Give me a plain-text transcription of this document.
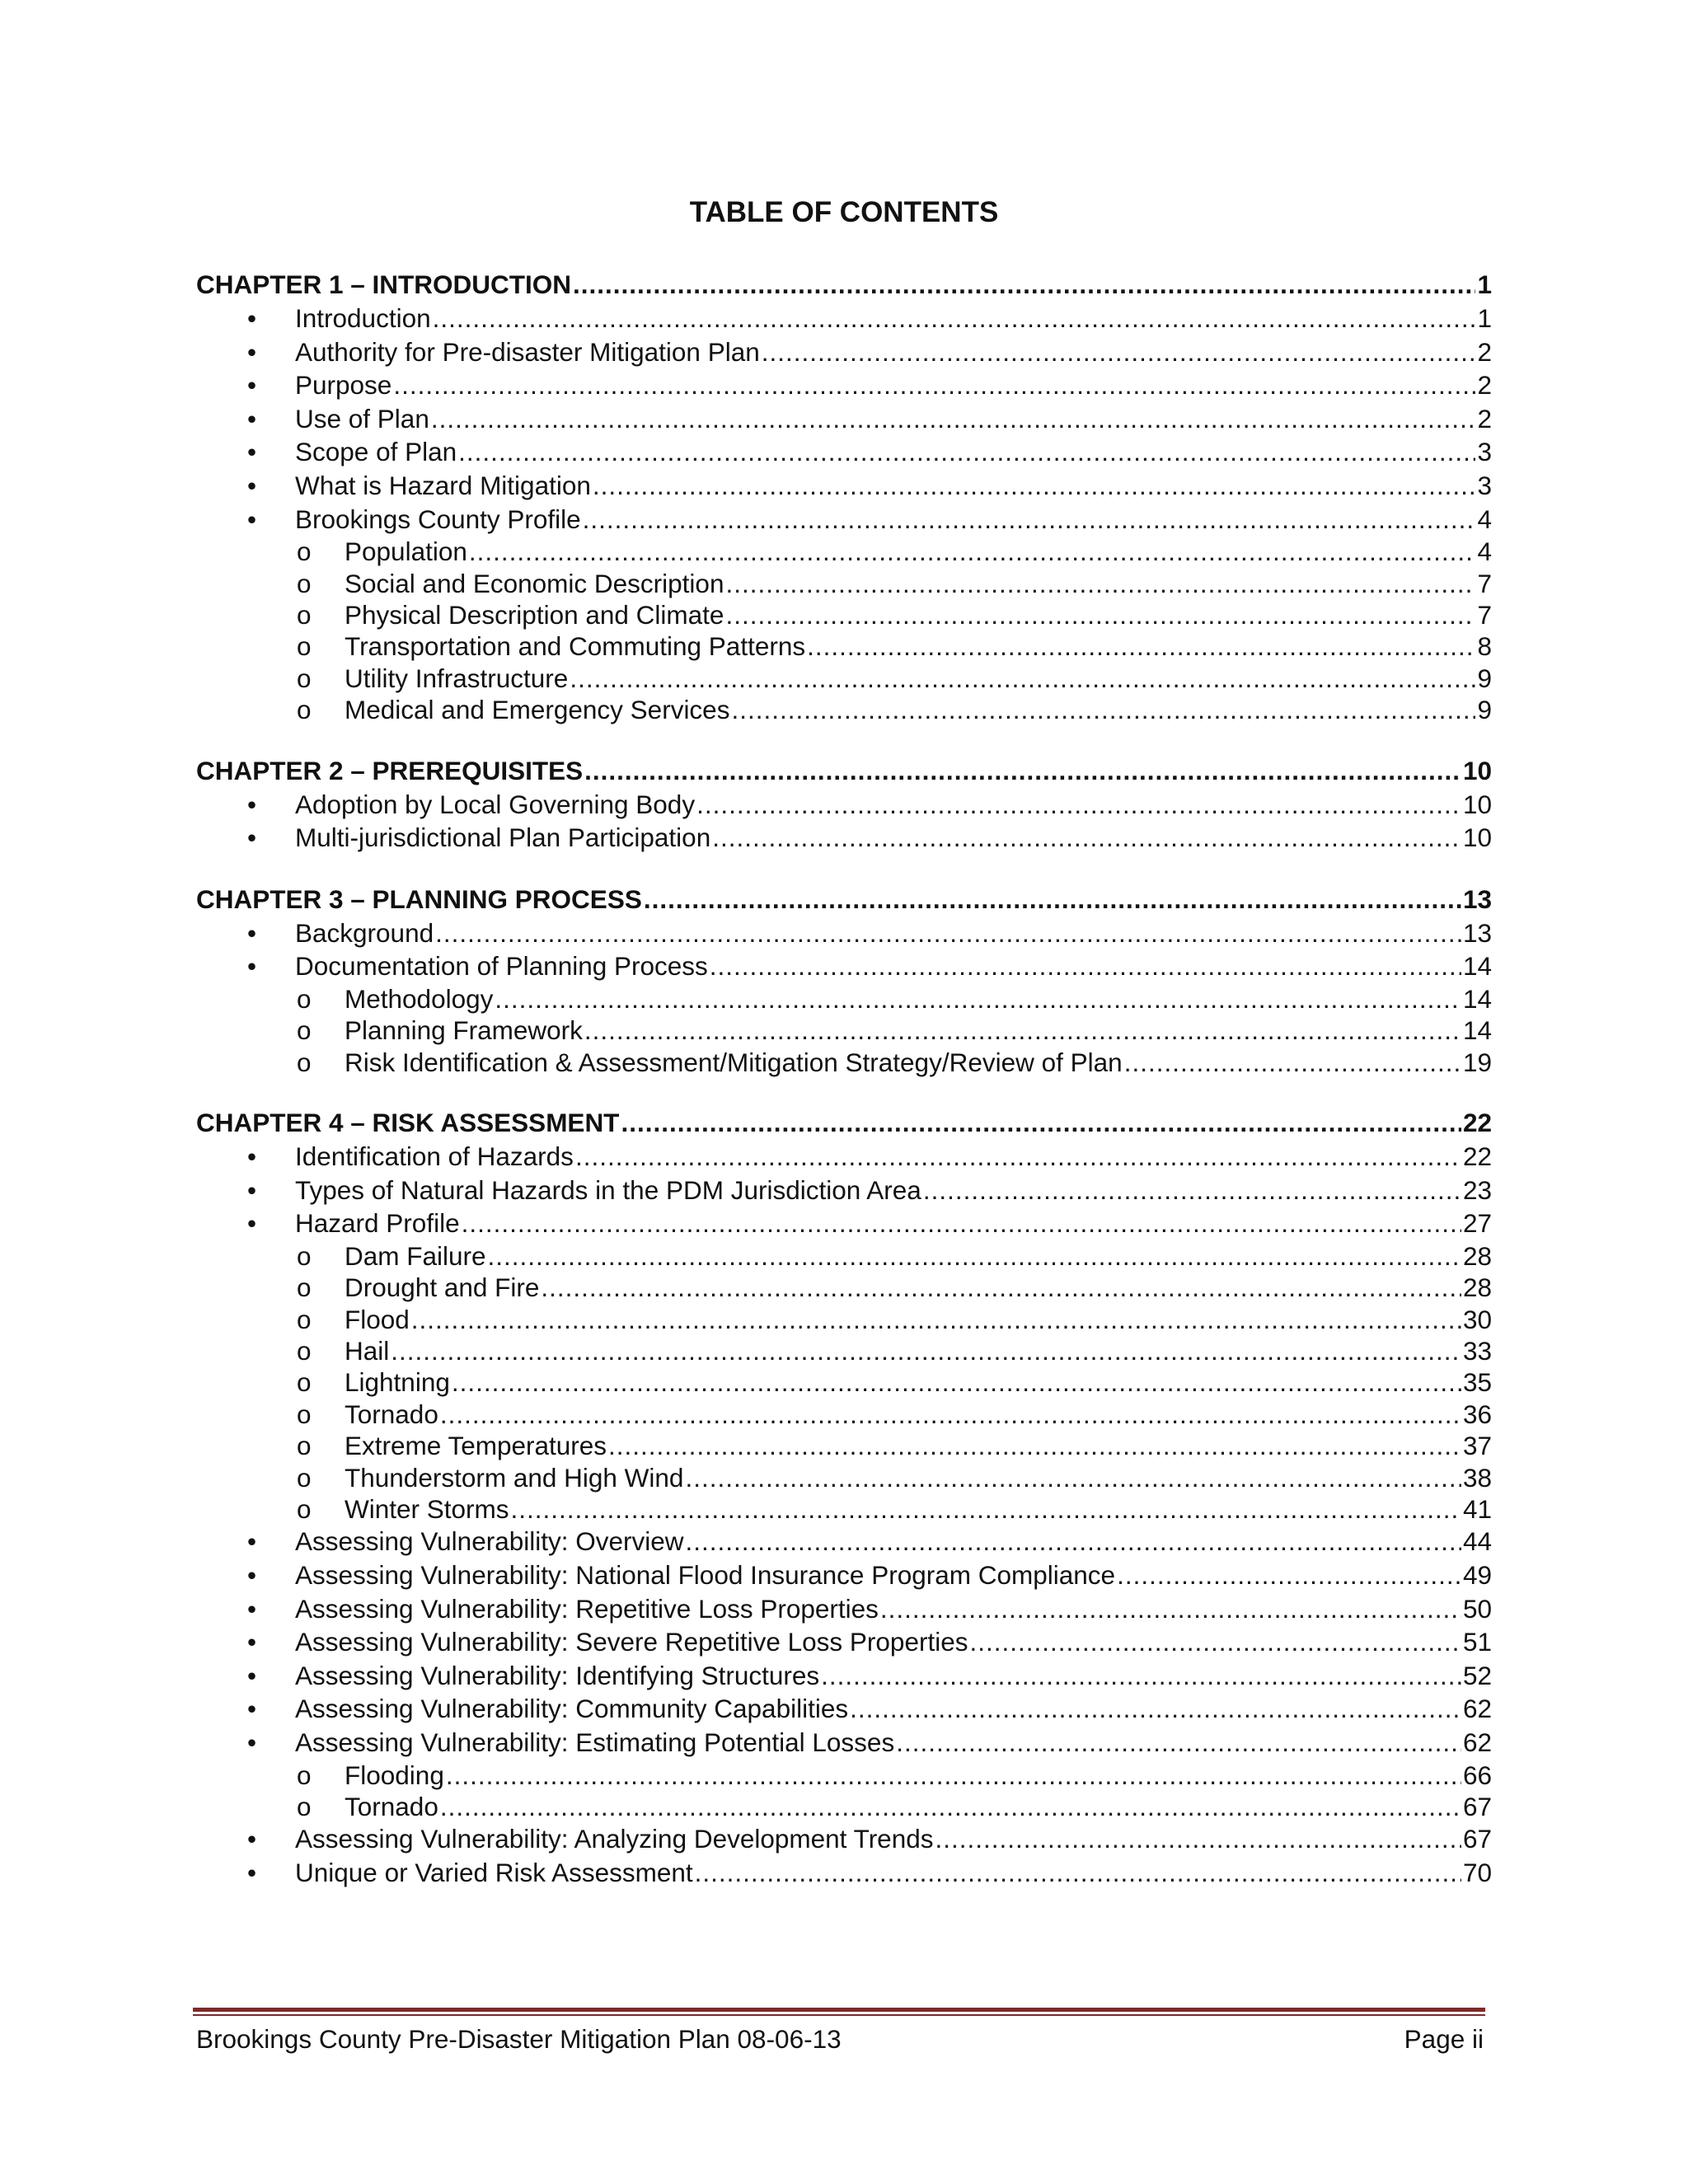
TABLE OF CONTENTS
CHAPTER 1 – INTRODUCTION .....	1
•	Introduction .....	1
•	Authority for Pre-disaster Mitigation Plan .....	2
•	Purpose .....	2
•	Use of Plan .....	2
•	Scope of Plan .....	3
•	What is Hazard Mitigation .....	3
•	Brookings County Profile .....	4
o	Population .....	4
o	Social and Economic Description .....	7
o	Physical Description and Climate .....	7
o	Transportation and Commuting Patterns .....	8
o	Utility Infrastructure .....	9
o	Medical and Emergency Services .....	9
CHAPTER 2 – PREREQUISITES .....	10
•	Adoption by Local Governing Body .....	10
•	Multi-jurisdictional Plan Participation .....	10
CHAPTER 3 – PLANNING PROCESS .....	13
•	Background .....	13
•	Documentation of Planning Process .....	14
o	Methodology .....	14
o	Planning Framework .....	14
o	Risk Identification & Assessment/Mitigation Strategy/Review of Plan .....	19
CHAPTER 4 – RISK ASSESSMENT .....	22
•	Identification of Hazards .....	22
•	Types of Natural Hazards in the PDM Jurisdiction Area .....	23
•	Hazard Profile .....	27
o	Dam Failure .....	28
o	Drought and Fire .....	28
o	Flood .....	30
o	Hail .....	33
o	Lightning .....	35
o	Tornado .....	36
o	Extreme Temperatures .....	37
o	Thunderstorm and High Wind .....	38
o	Winter Storms .....	41
•	Assessing Vulnerability: Overview .....	44
•	Assessing Vulnerability: National Flood Insurance Program Compliance .....	49
•	Assessing Vulnerability: Repetitive Loss Properties .....	50
•	Assessing Vulnerability: Severe Repetitive Loss Properties .....	51
•	Assessing Vulnerability: Identifying Structures .....	52
•	Assessing Vulnerability: Community Capabilities .....	62
•	Assessing Vulnerability: Estimating Potential Losses .....	62
o	Flooding .....	66
o	Tornado .....	67
•	Assessing Vulnerability: Analyzing Development Trends .....	67
•	Unique or Varied Risk Assessment .....	70
Brookings County Pre-Disaster Mitigation Plan 08-06-13	Page ii
